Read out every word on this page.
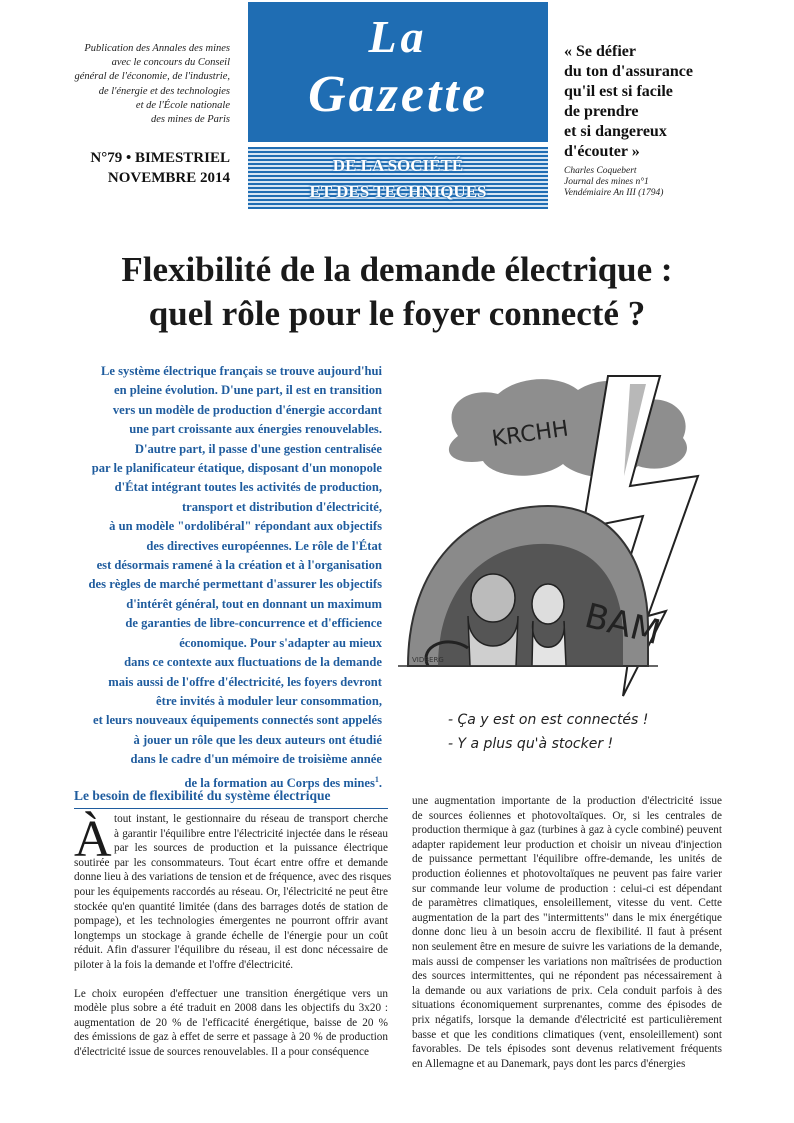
Publication des Annales des mines
avec le concours du Conseil
général de l'économie, de l'industrie,
de l'énergie et des technologies
et de l'École nationale
des mines de Paris
N°79 • BIMESTRIEL
NOVEMBRE 2014
La
Gazette
DE LA SOCIÉTÉ
ET DES TECHNIQUES
« Se défier
du ton d'assurance
qu'il est si facile
de prendre
et si dangereux
d'écouter »
Charles Coquebert
Journal des mines n°1
Vendémiaire An III (1794)
Flexibilité de la demande électrique :
quel rôle pour le foyer connecté ?
Le système électrique français se trouve aujourd'hui
en pleine évolution. D'une part, il est en transition
vers un modèle de production d'énergie accordant
une part croissante aux énergies renouvelables.
D'autre part, il passe d'une gestion centralisée
par le planificateur étatique, disposant d'un monopole
d'État intégrant toutes les activités de production,
transport et distribution d'électricité,
à un modèle "ordolibéral" répondant aux objectifs
des directives européennes. Le rôle de l'État
est désormais ramené à la création et à l'organisation
des règles de marché permettant d'assurer les objectifs
d'intérêt général, tout en donnant un maximum
de garanties de libre-concurrence et d'efficience
économique. Pour s'adapter au mieux
dans ce contexte aux fluctuations de la demande
mais aussi de l'offre d'électricité, les foyers devront
être invités à moduler leur consommation,
et leurs nouveaux équipements connectés sont appelés
à jouer un rôle que les deux auteurs ont étudié
dans le cadre d'un mémoire de troisième année
de la formation au Corps des mines$^1$.
KRCHH
BAM
VIDBERG
- Ça y est on est connectés !
- Y a plus qu'à stocker !
Le besoin de flexibilité du système électrique
À tout instant, le gestionnaire du réseau de transport cherche
à garantir l'équilibre entre l'électricité injectée dans le réseau
par les sources de production et la puissance électrique
soutirée par les consommateurs. Tout écart entre offre et demande
donne lieu à des variations de tension et de fréquence, avec des risques
pour les équipements raccordés au réseau. Or, l'électricité ne peut être
stockée qu'en quantité limitée (dans des barrages dotés de station de
pompage), et les technologies émergentes ne pourront offrir avant
longtemps un stockage à grande échelle de l'énergie pour un coût
réduit. Afin d'assurer l'équilibre du réseau, il est donc nécessaire de
piloter à la fois la demande et l'offre d'électricité.
Le choix européen d'effectuer une transition énergétique vers un
modèle plus sobre a été traduit en 2008 dans les objectifs du 3x20 :
augmentation de 20 % de l'efficacité énergétique, baisse de 20 %
des émissions de gaz à effet de serre et passage à 20 % de production
d'électricité issue de sources renouvelables. Il a pour conséquence
une augmentation importante de la production d'électricité issue
de sources éoliennes et photovoltaïques. Or, si les centrales de
production thermique à gaz (turbines à gaz à cycle combiné) peuvent
adapter rapidement leur production et choisir un niveau d'injection
de puissance permettant l'équilibre offre-demande, les unités de
production éoliennes et photovoltaïques ne peuvent pas faire varier
sur commande leur volume de production : celui-ci est dépendant
de paramètres climatiques, ensoleillement, vitesse du vent. Cette
augmentation de la part des "intermittents" dans le mix énergétique
donne donc lieu à un besoin accru de flexibilité. Il faut à présent
non seulement être en mesure de suivre les variations de la demande,
mais aussi de compenser les variations non maîtrisées de production
des sources intermittentes, qui ne répondent pas nécessairement à
la demande ou aux variations de prix. Cela conduit parfois à des
situations économiquement surprenantes, comme des épisodes de
prix négatifs, lorsque la demande d'électricité est particulièrement
basse et que les conditions climatiques (vent, ensoleillement) sont
favorables. De tels épisodes sont devenus relativement fréquents
en Allemagne et au Danemark, pays dont les parcs d'énergies
